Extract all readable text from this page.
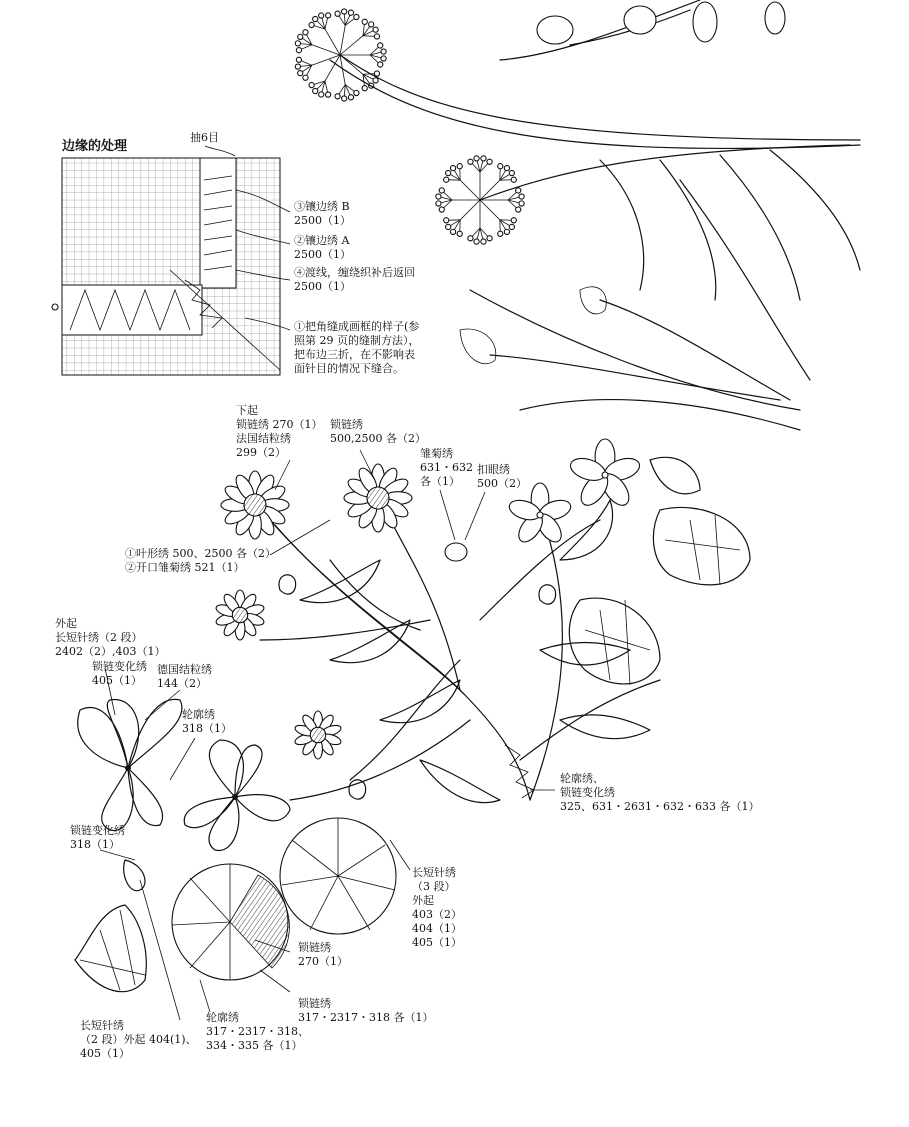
边缘的处理
抽6目
③镶边绣 B 2500（1）
②镶边绣 A 2500（1）
④渡线，缠绕织补后返回 2500（1）
①把角缝成画框的样子(参照第 29 页的缝制方法），把布边三折，在不影响表面针目的情况下缝合。
下起锁链绣 270（1）法国结粒绣 299（2）
锁链绣 500,2500 各（2）
雏菊绣 631・632 各（1）
扣眼绣 500（2）
①叶形绣 500、2500 各（2） ②开口雏菊绣 521（1）
外起长短针绣（2 段） 2402（2）,403（1）
锁链变化绣 405（1）
德国结粒绣 144（2）
轮廓绣 318（1）
轮廓绣、锁链变化绣 325、631・2631・632・633 各（1）
锁链变化绣 318（1）
长短针绣（3 段）外起 403（2） 404（1） 405（1）
锁链绣 270（1）
锁链绣 317・2317・318 各（1）
轮廓绣 317・2317・318、 334・335 各（1）
长短针绣（2 段）外起 404(1)、 405（1）
